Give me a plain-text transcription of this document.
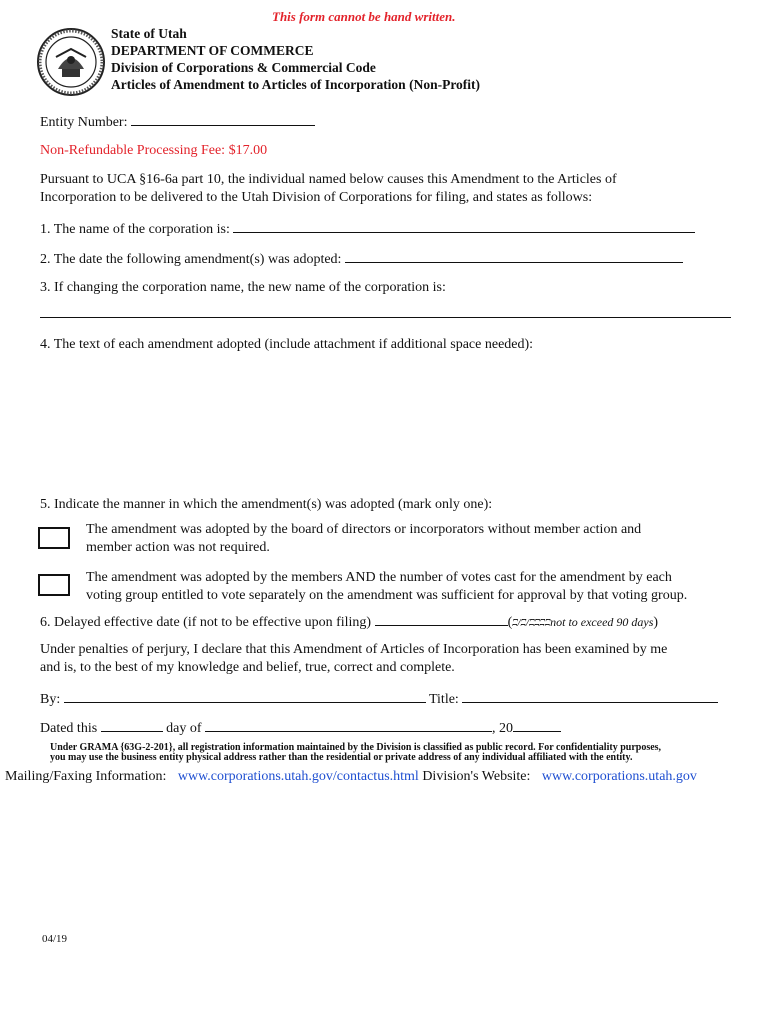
This form cannot be hand written.
State of Utah
DEPARTMENT OF COMMERCE
Division of Corporations & Commercial Code
Articles of Amendment to Articles of Incorporation (Non-Profit)
Entity Number:
Non-Refundable Processing Fee: $17.00
Pursuant to UCA §16-6a part 10, the individual named below causes this Amendment to the Articles of
Incorporation to be delivered to the Utah Division of Corporations for filing, and states as follows:
1. The name of the corporation is:
2. The date the following amendment(s) was adopted:
3. If changing the corporation name, the new name of the corporation is:
4. The text of each amendment adopted (include attachment if additional space needed):
5. Indicate the manner in which the amendment(s) was adopted (mark only one):
The amendment was adopted by the board of directors or incorporators without member action and
member action was not required.
The amendment was adopted by the members AND the number of votes cast for the amendment by each
voting group entitled to vote separately on the amendment was sufficient for approval by that voting group.
6. Delayed effective date (if not to be effective upon filing)	(ʭ/ʭ/ʭʭʭʭnot to exceed 90 days)
Under penalties of perjury, I declare that this Amendment of Articles of Incorporation has been examined by me
and is, to the best of my knowledge and belief, true, correct and complete.
By:	Title:
Dated this	day of	, 20
Under GRAMA {63G-2-201}, all registration information maintained by the Division is classified as public record. For confidentiality purposes,
you may use the business entity physical address rather than the residential or private address of any individual affiliated with the entity.
Mailing/Faxing Information: www.corporations.utah.gov/contactus.html Division's Website: www.corporations.utah.gov
04/19
